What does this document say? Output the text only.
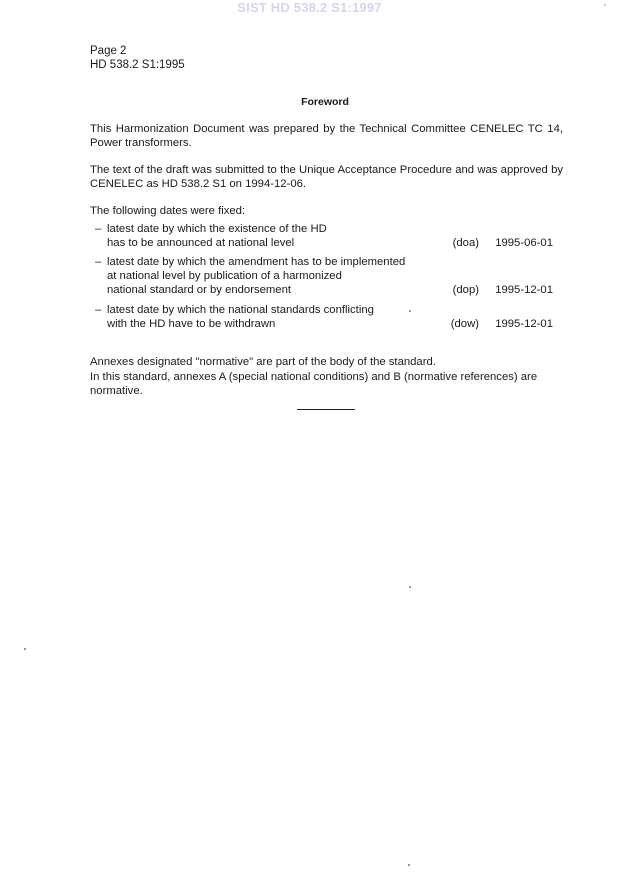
SIST HD 538.2 S1:1997
Page 2
HD 538.2 S1:1995
Foreword
This Harmonization Document was prepared by the Technical Committee CENELEC TC 14, Power transformers.
The text of the draft was submitted to the Unique Acceptance Procedure and was approved by CENELEC as HD 538.2 S1 on 1994-12-06.
The following dates were fixed:
– latest date by which the existence of the HD
has to be announced at national level	(doa) 1995-06-01
– latest date by which the amendment has to be implemented
at national level by publication of a harmonized
national standard or by endorsement	(dop) 1995-12-01
– latest date by which the national standards conflicting
with the HD have to be withdrawn	(dow) 1995-12-01
Annexes designated "normative" are part of the body of the standard.
In this standard, annexes A (special national conditions) and B (normative references) are normative.
